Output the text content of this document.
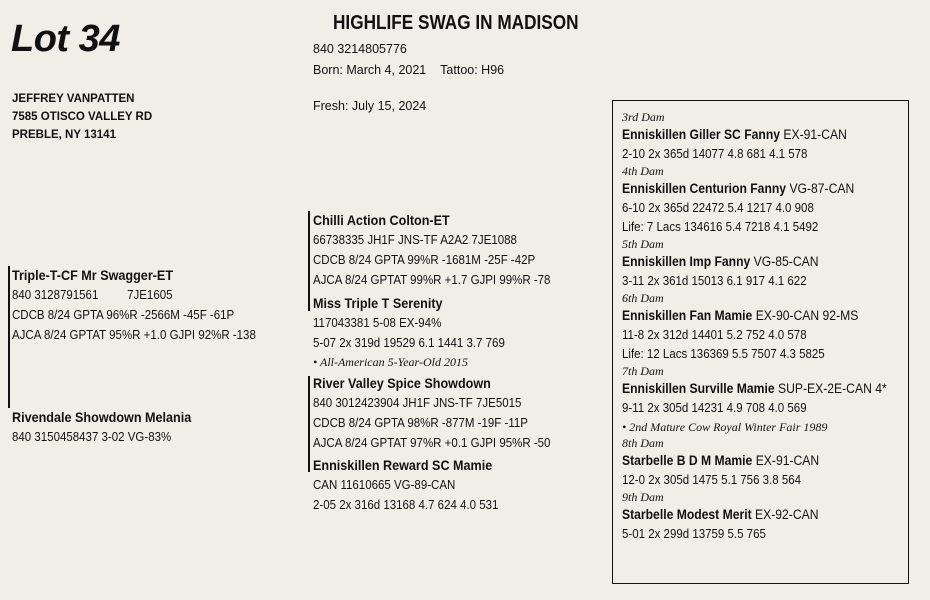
Lot 34
JEFFREY VANPATTEN
7585 OTISCO VALLEY RD
PREBLE, NY 13141
HIGHLIFE SWAG IN MADISON
840 3214805776
Born: March 4, 2021 Tattoo: H96
Fresh: July 15, 2024
Triple-T-CF Mr Swagger-ET
840 3128791561 7JE1605
CDCB 8/24 GPTA 96%R -2566M -45F -61P
AJCA 8/24 GPTAT 95%R +1.0 GJPI 92%R -138
Rivendale Showdown Melania
840 3150458437 3-02 VG-83%
Chilli Action Colton-ET
66738335 JH1F JNS-TF A2A2 7JE1088
CDCB 8/24 GPTA 99%R -1681M -25F -42P
AJCA 8/24 GPTAT 99%R +1.7 GJPI 99%R -78
Miss Triple T Serenity
117043381 5-08 EX-94%
5-07 2x 319d 19529 6.1 1441 3.7 769
• All-American 5-Year-Old 2015
River Valley Spice Showdown
840 3012423904 JH1F JNS-TF 7JE5015
CDCB 8/24 GPTA 98%R -877M -19F -11P
AJCA 8/24 GPTAT 97%R +0.1 GJPI 95%R -50
Enniskillen Reward SC Mamie
CAN 11610665 VG-89-CAN
2-05 2x 316d 13168 4.7 624 4.0 531
3rd Dam
Enniskillen Giller SC Fanny EX-91-CAN
2-10 2x 365d 14077 4.8 681 4.1 578
4th Dam
Enniskillen Centurion Fanny VG-87-CAN
6-10 2x 365d 22472 5.4 1217 4.0 908
Life: 7 Lacs 134616 5.4 7218 4.1 5492
5th Dam
Enniskillen Imp Fanny VG-85-CAN
3-11 2x 361d 15013 6.1 917 4.1 622
6th Dam
Enniskillen Fan Mamie EX-90-CAN 92-MS
11-8 2x 312d 14401 5.2 752 4.0 578
Life: 12 Lacs 136369 5.5 7507 4.3 5825
7th Dam
Enniskillen Surville Mamie SUP-EX-2E-CAN 4*
9-11 2x 305d 14231 4.9 708 4.0 569
• 2nd Mature Cow Royal Winter Fair 1989
8th Dam
Starbelle B D M Mamie EX-91-CAN
12-0 2x 305d 1475 5.1 756 3.8 564
9th Dam
Starbelle Modest Merit EX-92-CAN
5-01 2x 299d 13759 5.5 765
